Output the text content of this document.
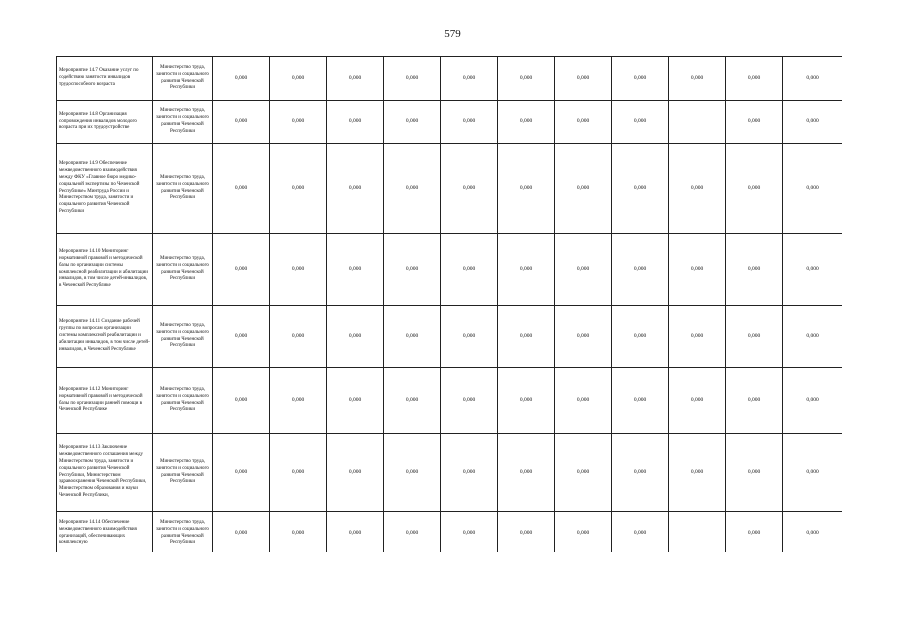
579
Мероприятие 14.7 Оказание услуг по содействию занятости инвалидов трудоспособного возраста	Министерство труда, занятости и социального развития Чеченской Республики	0,000	0,000	0,000	0,000	0,000	0,000	0,000	0,000	0,000	0,000	0,000
Мероприятие 14.8 Организация сопровождения инвалидов молодого возраста при их трудоустройстве	Министерство труда, занятости и социального развития Чеченской Республики	0,000	0,000	0,000	0,000	0,000	0,000	0,000	0,000		0,000	0,000
Мероприятие 14.9 Обеспечение межведомственного взаимодействия между ФКУ «Главное бюро медико-социальной экспертизы по Чеченской Республике» Минтруда России и Министерством труда, занятости и социального развития Чеченской Республики	Министерство труда, занятости и социального развития Чеченской Республики	0,000	0,000	0,000	0,000	0,000	0,000	0,000	0,000	0,000	0,000	0,000
Мероприятие 14.10 Мониторинг нормативной правовой и методической базы по организации системы комплексной реабилитации и абилитации инвалидов, в том числе детей-инвалидов, в Чеченской Республике	Министерство труда, занятости и социального развития Чеченской Республики	0,000	0,000	0,000	0,000	0,000	0,000	0,000	0,000	0,000	0,000	0,000
Мероприятие 14.11 Создание рабочей группы по вопросам организации системы комплексной реабилитации и абилитации инвалидов, в том числе детей-инвалидов, в Чеченской Республике	Министерство труда, занятости и социального развития Чеченской Республики	0,000	0,000	0,000	0,000	0,000	0,000	0,000	0,000	0,000	0,000	0,000
Мероприятие 14.12 Мониторинг нормативной правовой и методической базы по организации ранней помощи в Чеченской Республике	Министерство труда, занятости и социального развития Чеченской Республики	0,000	0,000	0,000	0,000	0,000	0,000	0,000	0,000	0,000	0,000	0,000
Мероприятие 14.13 Заключение межведомственного соглашения между Министерством труда, занятости и социального развития Чеченской Республики, Министерством здравоохранения Чеченской Республики, Министерством образования и науки Чеченской Республики,	Министерство труда, занятости и социального развития Чеченской Республики	0,000	0,000	0,000	0,000	0,000	0,000	0,000	0,000	0,000	0,000	0,000
Мероприятие 14.14 Обеспечение межведомственного взаимодействия организаций, обеспечивающих комплексную	Министерство труда, занятости и социального развития Чеченской Республики	0,000	0,000	0,000	0,000	0,000	0,000	0,000	0,000		0,000	0,000
